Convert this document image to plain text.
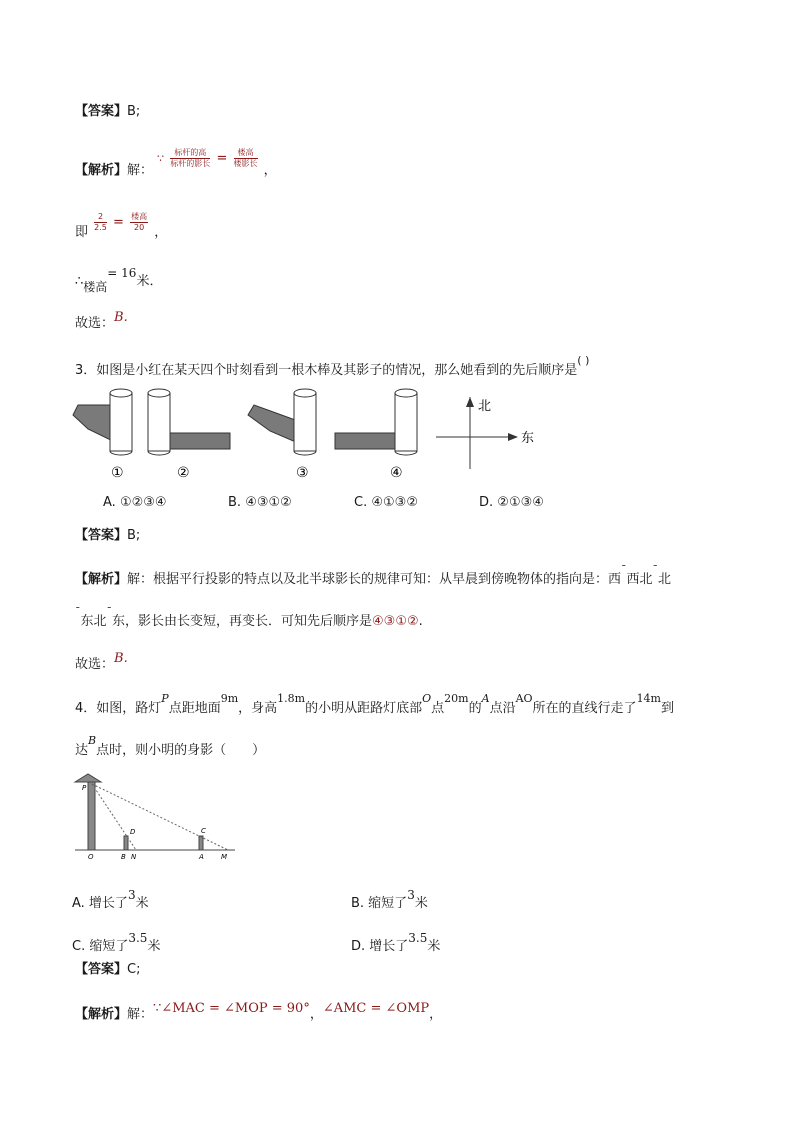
【答案】B;
【解析】解： ∵ $\frac{\text{标杆的高}}{\text{标杆的影长}} = \frac{\text{楼高}}{\text{楼影长}}$
，
即 $\frac{2}{2.5} = \frac{\text{楼高}}{20}$ ，
∴楼高= 16米．
故选：B.
3．如图是小红在某天四个时刻看到一根木棒及其影子的情况，那么她看到的先后顺序是( )
①	②	③	④
北
东
A. ①②③④	B. ④③①②	C. ④①③②	D. ②①③④
【答案】B;
【解析】解：根据平行投影的特点以及北半球影长的规律可知：从早晨到傍晚物体的指向是：西¯西北¯北
¯东北¯东，影长由长变短，再变长．可知先后顺序是④③①②.
故选：B.
4．如图，路灯$^P$点距地面$^{9m}$，身高$^{1.8m}$的小明从距路灯底部$^O$点$^{20m}$的$^A$点沿$^{AO}$所在的直线行走了$^{14m}$到
达$^B$点时，则小明的身影（　　）
P
D	C
O	B N	A M
A. 增长了3米	B. 缩短了3米
C. 缩短了3.5米	D. 增长了3.5米
【答案】C;
【解析】解：∵∠MAC = ∠MOP = 90°，∠AMC = ∠OMP，
